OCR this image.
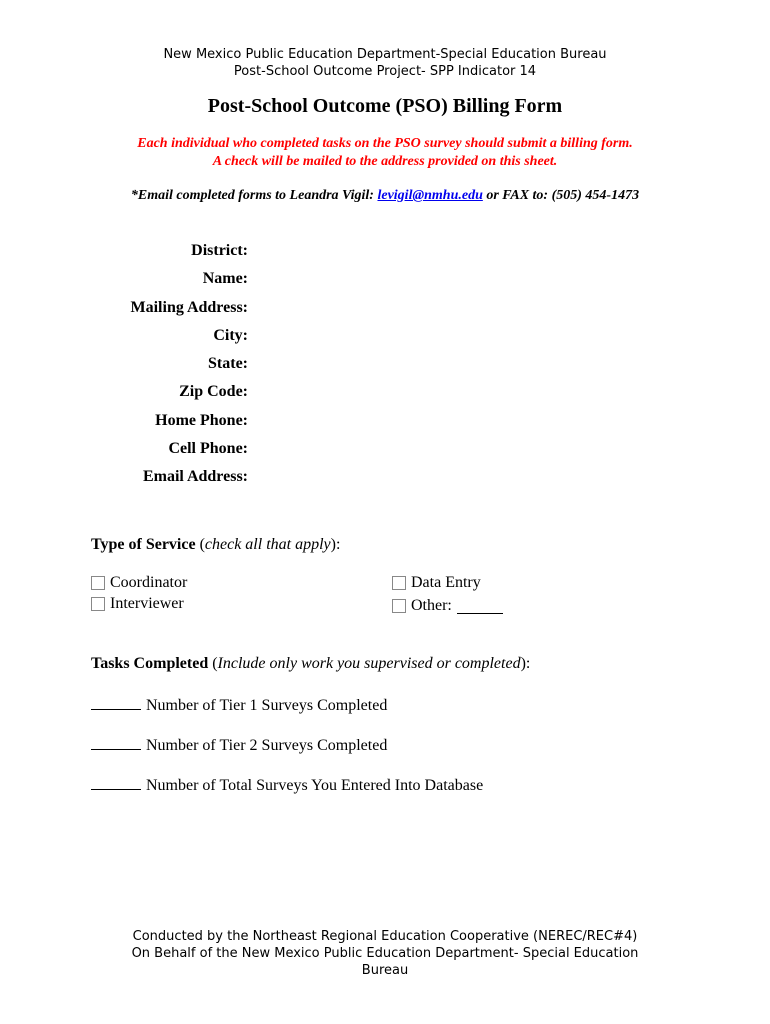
New Mexico Public Education Department-Special Education Bureau
Post-School Outcome Project- SPP Indicator 14
Post-School Outcome (PSO) Billing Form
Each individual who completed tasks on the PSO survey should submit a billing form.
A check will be mailed to the address provided on this sheet.
*Email completed forms to Leandra Vigil: levigil@nmhu.edu or FAX to: (505) 454-1473
District:
Name:
Mailing Address:
City:
State:
Zip Code:
Home Phone:
Cell Phone:
Email Address:
Type of Service (check all that apply):
Coordinator
Interviewer
Data Entry
Other:
Tasks Completed (Include only work you supervised or completed):
Number of Tier 1 Surveys Completed
Number of Tier 2 Surveys Completed
Number of Total Surveys You Entered Into Database
Conducted by the Northeast Regional Education Cooperative (NEREC/REC#4)
On Behalf of the New Mexico Public Education Department- Special Education
Bureau
